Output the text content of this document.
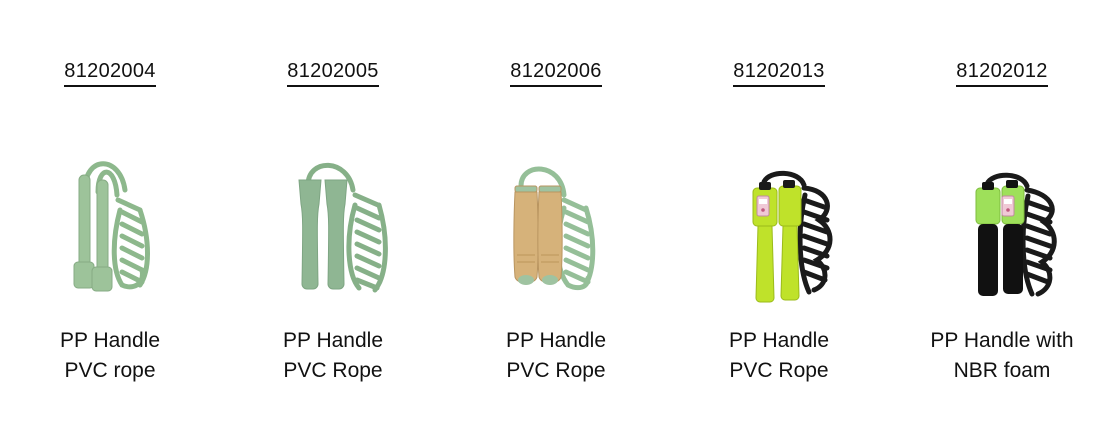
81202004
PP Handle
PVC rope
81202005
PP Handle
PVC Rope
81202006
PP Handle
PVC Rope
81202013
PP Handle
PVC Rope
81202012
PP Handle with
NBR foam
